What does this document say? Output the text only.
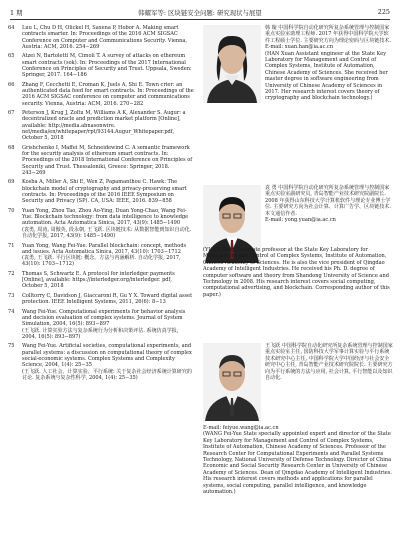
1 期	韩耀军等: 区块链安全问题: 研究现状与展望	225
64	Luu L, Chu D H, Olickel H, Saxena P, Hobor A. Making smart contracts smarter. In: Proceedings of the 2016 ACM SIGSAC Conference on Computer and Communications Security. Vienna, Austria: ACM, 2016. 254−269
65	Atzei N, Bartoletti M, Cimoli T. A survey of attacks on ethereum smart contracts (sok). In: Proceedings of the 2017 International Conference on Principles of Security and Trust. Uppsala, Sweden: Springer, 2017. 164−186
66	Zhang F, Cecchetti E, Croman K, Juels A, Shi E. Town crier: an authenticated data feed for smart contracts. In: Proceedings of the 2016 ACM SIGSAC conference on computer and communications security. Vienna, Austria: ACM, 2016. 270−282
67	Peterson J, Krug J, Zoltu M, Williams A K, Alexander S. Augur: a decentralized oracle and prediction market platform [Online], available: http://media.abnasonwire. net/media/en/whitepaper/rpt/93144.Augur_Whitepaper.pdf, October 5, 2018
68	Grishchenko I, Maffei M, Schneidewind C. A semantic framework for the security analysis of ethereum smart contracts. In: Proceedings of the 2018 International Conference on Principles of Security and Trust. Thessaloniki, Greece: Springer, 2018. 243−269
69	Kosba A, Miller A, Shi E, Wen Z, Papamanthou C. Hawk: The blockchain model of cryptography and privacy-preserving smart contracts. In: Proceedings of the 2016 IEEE Symposium on Security and Privacy (SP). CA, USA: IEEE, 2016. 839−858
70	Yuan Yong, Zhou Tao, Zhou Ao-Ying, Duan Yong-Chao, Wang Fei-Yue. Blockchain technology: from data intelligence to knowledge automation. Acta Automatica Sinica, 2017, 43(9): 1485−1490
(袁勇, 周涛, 周傲英, 段永朝, 王飞跃. 区块链技术: 从数据智能到知识自动化. 自动化学报, 2017, 43(9): 1485−1490)
71	Yuan Yong, Wang Fei-Yue. Parallel blockchain: concept, methods and issues. Acta Automatica Sinica, 2017, 43(10): 1703−1712
(袁勇, 王飞跃. 平行区块链: 概念、方法与内涵解析. 自动化学报, 2017, 43(10): 1703−1712)
72	Thomas S, Schwartz E. A protocol for interledger payments [Online], available: https://interledger.org/interledger. pdf, October 5, 2018
73	Colltorry C, Davidson J, Giaccaroni R, Gu Y X. Toward digital asset protection. IEEE Intelligent Systems, 2011, 26(6): 8−13
74	Wang Fei-Yue. Computational experiments for behavior analysis and decision evaluation of complex systems. Journal of System Simulation, 2004, 16(5): 893−897
(王飞跃. 计算实验方法与复杂系统行为分析和决策评估. 系统仿真学报, 2004, 16(5): 893−897)
75	Wang Fei-Yue. Artificial societies, computational experiments, and parallel systems: a discussion on computational theory of complex social-economic systems. Complex Systems and Complexity Science, 2004, 1(4): 25−35
(王飞跃. 人工社会、计算实验、平行系统: 关于复杂社会经济系统计算研究的讨论. 复杂系统与复杂性科学, 2004, 1(4): 25−35)
韩 璇 中国科学院自动化研究所复杂系统管理与控制国家重点实验室助理工程师. 2017 年获得中国科学院大学软件工程硕士学位. 主要研究方向为理论密码与区块链技术.
E-mail: xuan.han@ia.ac.cn
(HAN Xuan Assistant engineer at the State Key Laboratory for Management and Control of Complex Systems, Institute of Automation, Chinese Academy of Sciences. She received her master degree in software engineering from University of Chinese Academy of Sciences in 2017. Her research interest covers theory of cryptography and blockchain technology.)
袁 勇 中国科学院自动化研究所复杂系统管理与控制国家重点实验室副研究员, 青岛智能产业技术研究院副院长. 2008 年获得山东科技大学计算机软件与理论专业博士学位. 主要研究方向为社会计算、计算广告学、区块链技术. 本文通信作者.
E-mail: yong.yuan@ia.ac.cn
(YUAN Yong Associate professor at the State Key Laboratory for Management and Control of Complex Systems, Institute of Automation, Chinese Academy of Sciences. He is also the vice president of Qingdao Academy of Intelligent Industries. He received his Ph. D. degree of computer software and theory from Shandong University of Science and Technology in 2008. His research interest covers social computing, computational advertising, and blockchain. Corresponding author of this paper.)
王飞跃 中国科学院自动化研究所复杂系统管理与控制国家重点实验室主任, 国防科技大学军事计算实验与平行系统技术研究中心主任, 中国科学院大学中国经济与社会安全研究中心主任, 青岛智能产业技术研究院院长. 主要研究方向为平行系统的方法与应用, 社会计算, 平行智能以及知识自动化.
E-mail: feiyue.wang@ia.ac.cn
(WANG Fei-Yue State specially appointed expert and director of the State Key Laboratory for Management and Control of Complex Systems, Institute of Automation, Chinese Academy of Sciences. Professor of the Research Center for Computational Experiments and Parallel Systems Technology, National University of Defense Technology. Director of China Economic and Social Security Research Center in University of Chinese Academy of Sciences. Dean of Qingdao Academy of Intelligent Industries. His research interest covers methods and applications for parallel systems, social computing, parallel intelligence, and knowledge automation.)
